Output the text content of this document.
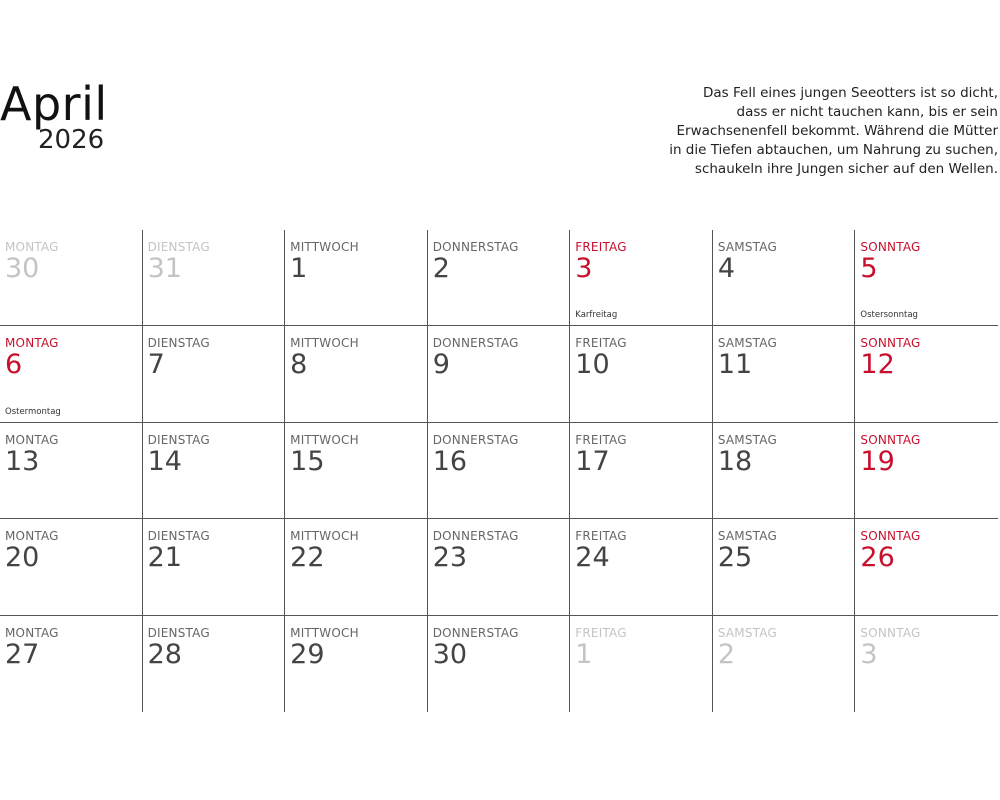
April
2026
Das Fell eines jungen Seeotters ist so dicht, dass er nicht tauchen kann, bis er sein Erwachsenenfell bekommt. Während die Mütter in die Tiefen abtauchen, um Nahrung zu suchen, schaukeln ihre Jungen sicher auf den Wellen.
MONTAG
30
DIENSTAG
31
MITTWOCH
1
DONNERSTAG
2
FREITAG
3
Karfreitag
SAMSTAG
4
SONNTAG
5
Ostersonntag
MONTAG
6
Ostermontag
DIENSTAG
7
MITTWOCH
8
DONNERSTAG
9
FREITAG
10
SAMSTAG
11
SONNTAG
12
MONTAG
13
DIENSTAG
14
MITTWOCH
15
DONNERSTAG
16
FREITAG
17
SAMSTAG
18
SONNTAG
19
MONTAG
20
DIENSTAG
21
MITTWOCH
22
DONNERSTAG
23
FREITAG
24
SAMSTAG
25
SONNTAG
26
MONTAG
27
DIENSTAG
28
MITTWOCH
29
DONNERSTAG
30
FREITAG
1
SAMSTAG
2
SONNTAG
3
